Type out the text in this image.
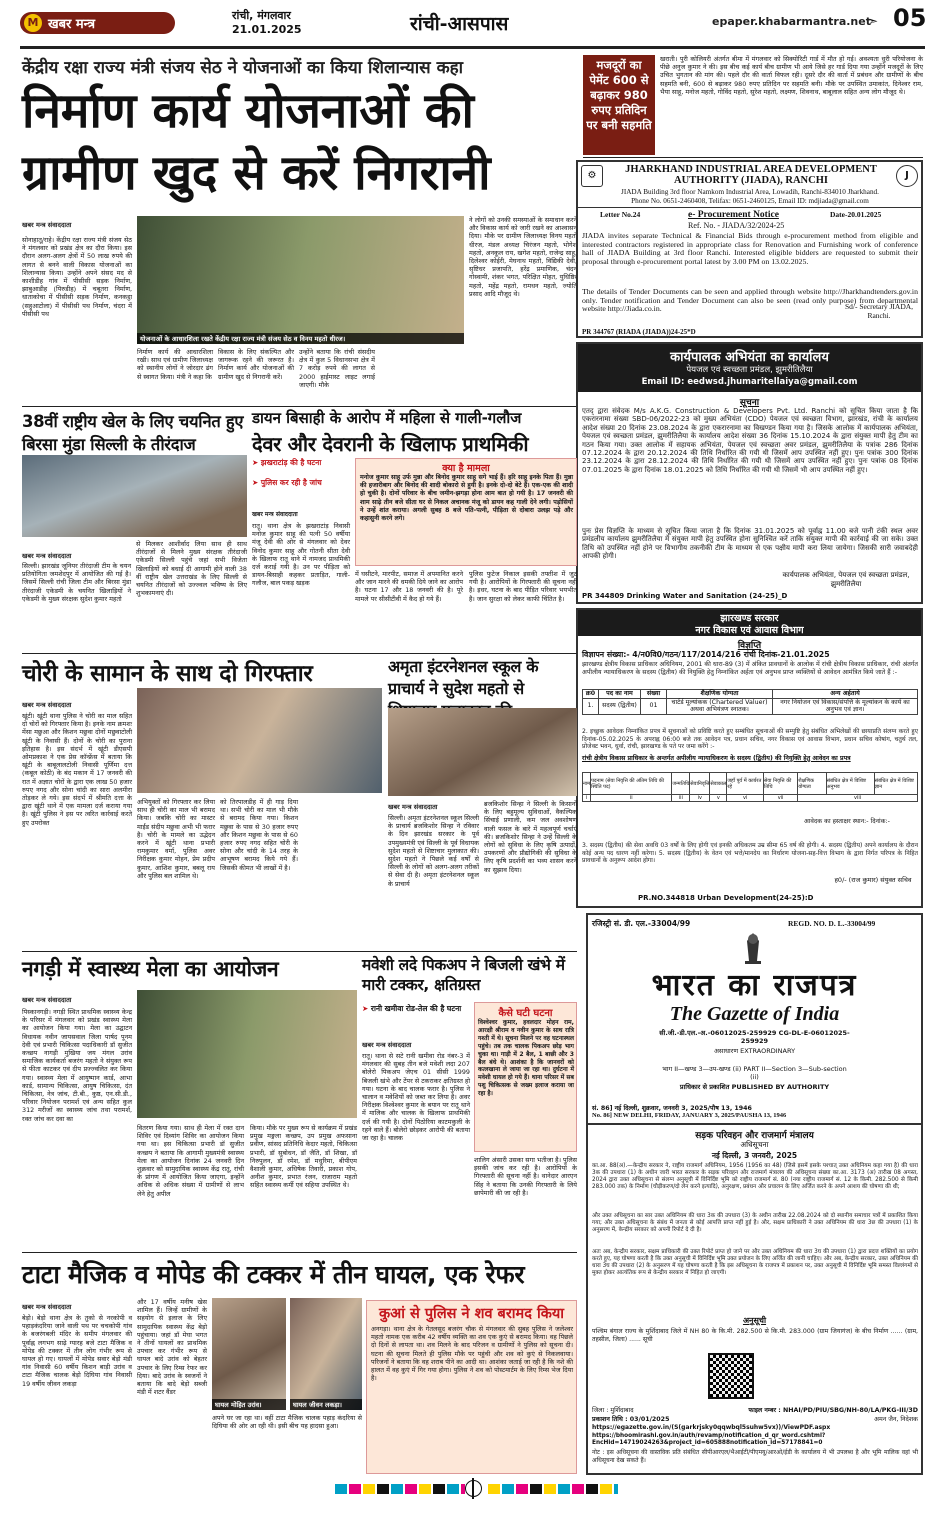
M खबर मन्त्र
रांची, मंगलवार
21.01.2025	रांची-आसपास	epaper.khabarmantra.net
➣ 05
केंद्रीय रक्षा राज्य मंत्री संजय सेठ ने योजनाओं का किया शिलान्यास कहा
निर्माण कार्य योजनाओं की ग्रामीण खुद से करें निगरानी
खबर मन्त्र संवाददाता
सोनाहातू/राहे। केंद्रीय रक्षा राज्य मंत्री संजय सेठ ने मंगलवार को प्रखंड क्षेत्र का दौरा किया। इस दौरान अलग-अलग क्षेत्रों में 50 लाख रुपये की लागत से बनने वाली विकास योजनाओं का शिलान्यास किया। उन्होंने अपने संसद मद से काशीडीह गांव में पीसीसी सड़क निर्माण, झाबुआडीह (पिरुडीह) में चबूतरा निर्माण, धाताकोचा में पीसीसी सड़क निर्माण, कनकट्ठा (सहुआटोला) में पीसीसी पथ निर्माण, चंदरा में पीसीसी पथ
योजनाओं के आधारशिला रखते केंद्रीय रक्षा राज्य मंत्री संजय सेठ व विनय महतो धीरज।
निर्माण कार्य की आधारशिला रखी। साथ एवं ग्रामीण जिलाध्यक्ष को स्थानीय लोगों ने जोरदार ढंग से स्वागत किया। मंत्री ने कहा कि
विकास के लिए संकल्पित और जागरूक रहने की जरूरत है। निर्माण कार्य और योजनाओं की ग्रामीण खुद से निगरानी करें।
उन्होंने बताया कि रांची संसदीय क्षेत्र में कुल 5 विधानसभा क्षेत्र में 7 करोड़ रुपये की लागत से 2000 हाईमास्ट लाइट लगाई जाएगी। मौके
ने लोगों को उनकी समस्याओं के समाधान करने और विकास कार्य को जारी रखने का आश्वासन दिया। मौके पर ग्रामीण जिलाध्यक्ष विनय महतो धीरज, मंडल अध्यक्ष चिरंजन महतो, भोगेश महतो, अनकूल राय, खगेश महतो, राजेन्द्र साहू, दिलेश्वर कोईरी, मेघनाथ महतो, विद्यिकी देवी, सृष्टिधर प्रजापति, हरेंद्र प्रमाणिक, चंदन गोस्वामी, शंकर भगत, परिक्षित मोहत, युधिष्ठिर महतो, महेंद्र महतो, रामधन महतो, ज्योति प्रसाद आदि मौजूद थे।
मजदूरों का पेमेंट 600 से बढ़ाकर 980 रुपए प्रतिदिन पर बनी सहमति
खराती। पुरी कोलियरी अंतर्गत बीमा में मंगलवार को सिक्योरिटी गार्ड में मौत हो गई। अवश्यता धुरी परियोजना के पीछे अनुज कुमार ने की। इस बीच कई कार्य बीच ग्रामीण भी आये जिसे हर गार्ड दिया गया उन्होंने मजदूरों के लिए उचित भुगतान की मांग की। पहले दौर की वार्ता विफल रही। दूसरे दौर की वार्ता में प्रबंधन और ग्रामीणों के बीच सहमति बनी, 600 से बढ़ाकर 980 रुपए प्रतिदिन पर सहमति बनी। मौके पर उपस्थित उमाकांत, दिनेश्वर राम, भैया साहू, मनोज महतो, गोविंद महतो, सुरेश महतो, लक्ष्मण, शिवनाथ, बाबूलाल सहित अन्य लोग मौजूद थे।
⚙	J
JHARKHAND INDUSTRIAL AREA DEVELOPMENT AUTHORITY (JIADA), RANCHI
JIADA Building 3rd floor Namkom Industrial Area, Lowadih, Ranchi-834010 Jharkhand.
Phone No. 0651-2460408, Telifax: 0651-2460125, Email ID: mdjiada@gmail.com
Letter No.24	e- Procurement Notice	Date-20.01.2025
Ref. No. - JIADA/32/2024-25
JIADA invites separate Technical & Financial Bids through e-procurement method from eligible and interested contractors registered in appropriate class for Renovation and Furnishing work of conference hall of JIADA Building at 3rd floor Ranchi. Interested eligible bidders are requested to submit their proposal through e-procurement portal latest by 3.00 PM on 13.02.2025.
The details of Tender Documents can be seen and applied through website http://Jharkhandtenders.gov.in only. Tender notification and Tender Document can also be seen (read only purpose) from departmental website http://Jiada.co.in.	Sd/- Secretary JIADA, Ranchi.
PR 344767 (RIADA (JIADA))24-25*D
कार्यपालक अभियंता का कार्यालय
पेयजल एवं स्वच्छता प्रमंडल, झुमरीतिलैया
Email ID: eedwsd.jhumaritellaiya@gmail.com
सूचना
एतद् द्वारा संवेदक M/s A.K.G. Construction & Developers Pvt. Ltd. Ranchi को सूचित किया जाता है कि एकरारनामा संख्या SBD-06/2022-23 को मुख्य अभियंता (CDO) पेयजल एवं स्वच्छता विभाग, झारखंड, रांची के कार्यालय आदेश संख्या 20 दिनांक 23.08.2024 के द्वारा एकरारनामा का विखण्डन किया गया है। जिसके आलोक में कार्यपालक अभियंता, पेयजल एवं स्वच्छता प्रमंडल, झुमरीतिलैया के कार्यालय आदेश संख्या 36 दिनांक 15.10.2024 के द्वारा संयुक्त मापी हेतु टीम का गठन किया गया। उक्त आलोक में सहायक अभियंता, पेयजल एवं स्वच्छता अवर प्रमंडल, झुमरीतिलैया के पत्रांक 286 दिनांक 07.12.2024 के द्वारा 20.12.2024 की तिथि निर्धारित की गयी थी जिसमें आप उपस्थित नहीं हुए। पुनः पत्रांक 300 दिनांक 23.12.2024 के द्वारा 28.12.2024 की तिथि निर्धारित की गयी थी जिसमें आप उपस्थित नहीं हुए। पुनः पत्रांक 08 दिनांक 07.01.2025 के द्वारा दिनांक 18.01.2025 को तिथि निर्धारित की गयी थी जिसमें भी आप उपस्थित नहीं हुए।
पुनः प्रेस विज्ञप्ति के माध्यम से सूचित किया जाता है कि दिनांक 31.01.2025 को पूर्वाह्न 11.00 बजे पानी टंकी स्थल अवर प्रमंडलीय कार्यालय झुमरीतिलैया में संयुक्त मापी हेतु उपस्थित होना सुनिश्चित करें ताकि संयुक्त मापी की कार्रवाई की जा सके। उक्त तिथि को उपस्थित नहीं होने पर विभागीय तकनीकी टीम के माध्यम से एक पक्षीय मापी करा लिया जायेगा। जिसकी सारी जवाबदेही आपकी होगी।
कार्यपालक अभियंता, पेयजल एवं स्वच्छता प्रमंडल, झुमरीतिलैया
PR 344809 Drinking Water and Sanitation (24-25)_D
झारखण्ड सरकार
नगर विकास एवं आवास विभाग
विज्ञप्ति
विज्ञापन संख्या:- 4/न0वि0/गठन/117/2014/216 रांची दिनांक-21.01.2025
झारखण्ड क्षेत्रीय विकास प्राधिकार अधिनियम, 2001 की धारा-89 (3) में अंकित प्रावधानों के आलोक में रांची क्षेत्रीय विकास प्राधिकार, रांची अंतर्गत अपीलीय न्यायाधिकरण के सदस्य (द्वितीय) की नियुक्ति हेतु निम्नांकित अर्हता एवं अनुभव प्राप्त व्यक्तियों से आवेदन आमंत्रित किये जाते हैं :-
क्र0	पद का नाम	संख्या	शैक्षणिक योग्यता	अन्य अर्हताये
1.	सदस्य (द्वितीय)	01	चार्टर्ड मूल्यांकक (Chartered Valuer) अथवा अभियंत्रण स्नातक।	नगर नियोजन एवं विकास/संपत्ति के मूल्यांकन के कार्य का अनुभव एवं ज्ञान।
2. इच्छुक आवेदक निम्नांकित प्रपत्र में सूचनाओं को प्रविष्टि करते हुए सम्बंधित सूचनाओं की सम्पुष्टि हेतु संबंधित अभिलेखों की छायाप्रति संलग्न करते हुए दिनांक-05.02.2025 के अपराह्न 06:00 बजे तक आवेदन पत्र, प्रधान सचिव, नगर विकास एवं आवास विभाग, प्रधान सचिव कोषांग, चतुर्थ तल, प्रोजेक्ट भवन, धुर्वा, रांची, झारखण्ड के पते पर जमा करेंगे :-
रांची क्षेत्रीय विकास प्राधिकार के अन्तर्गत अपीलीय न्यायाधिकरण के सदस्य (द्वितीय) की नियुक्ति हेतु आवेदन का प्रपत्र
नाम	पदनाम (सेवा निवृत्ति की अंतिम तिथि की स्थिति पद)	जन्मतिथि	सेवानिवृत्ति	सेवाकाल	जहाँ पूर्व में कार्यरत रहे	सेवा निवृत्ति की तिथि	शैक्षणिक योग्यता	संबंधित क्षेत्र में विशिष्ट अनुभव	संबंधित क्षेत्र में विशिष्ट ज्ञान
i	ii	iii	iv	v	vi	vii	viii		
आवेदक का हस्ताक्षर स्थान:- दिनांक:-
3. सदस्य (द्वितीय) की सेवा अवधि 03 वर्षों के लिए होगी एवं इनकी अधिकतम उम्र सीमा 65 वर्ष की होगी। 4. सदस्य (द्वितीय) अपने कार्यालय के दौरान कोई अन्य पद धारण नहीं करेगा। 5. सदस्य (द्वितीय) के वेतन एवं भत्ते/मानदेय का निर्धारण योजना-सह-वित्त विभाग के द्वारा निर्गत परिपत्र के निहित प्रावधानों के अनुरूप आदेश होगा।
ह0/- (राज कुमार) संयुक्त सचिव
PR.NO.344818 Urban Development(24-25):D
38वीं राष्ट्रीय खेल के लिए चयनित हुए बिरसा मुंडा सिल्ली के तीरंदाज
खबर मन्त्र संवाददाता
सिल्ली। झारखंड जूनियर तीरंदाजी टीम के चयन प्रतियोगिता जमशेदपुर में आयोजित की गई है। जिसमें सिल्ली रांची जिला टीम और बिरसा मुंडा तीरंदाजी एकेडमी के चयनित खिलाड़ियों ने एकेडमी के मुख्य संरक्षक सुदेश कुमार महतो
से मिलकर आशीर्वाद लिया साथ ही साथ तीरंदाजों से मिलने मुख्य संरक्षक तीरंदाजी एकेडमी सिल्ली पहुंचे जहां सभी विजेता खिलाड़ियों को बधाई दी आगामी होने वाली 38 वीं राष्ट्रीय खेल उत्तराखंड के लिए सिल्ली से चयनित तीरंदाजों को उज्ज्वल भविष्य के लिए शुभकामनाएं दी।
डायन बिसाही के आरोप में महिला से गाली-गलौज
देवर और देवरानी के खिलाफ प्राथमिकी
➤ झखराटांड़ की है घटना
➤ पुलिस कर रही है जांच
क्या है मामला
मनोज कुमार साहू उर्फ मुन्ना और बिनोद कुमार साहू सगे भाई हैं। हरि साहू इनके पिता हैं। मुन्ना की हजारीबाग और बिनोद की शादी बोकारो से हुयी है। इनके दो-दो बेटे हैं। एक-एक की शादी हो चुकी है। दोनों परिवार के बीच जमीन-झगड़ा होना आम बात हो गयी है। 17 जनवरी की शाम साढ़े तीन बजे सीता घर से निकल अचानक मंजू को डायन कह गाली देने लगी। पड़ोसियों ने उन्हें शांत कराया। अगली सुबह 8 बजे पति-पत्नी, पीड़िता से दोबारा उलझ पड़े और कहासुनी करने लगे।
खबर मन्त्र संवाददाता
रातू। थाना क्षेत्र के झखराटांड़ निवासी मनोज कुमार साहू की पत्नी 50 वर्षीया मंजू देवी की ओर से मंगलवार को देवर विनोद कुमार साहू और गोतनी सीता देवी के खिलाफ रातू थाने में नामजद प्राथमिकी दर्ज कराई गयी है। उन पर पीड़िता को डायन-बिसाही कहकर प्रताड़ित, गाली-गलौज, बाल पकड़ खड़क
में घसीटने, मारपीट, समाज में अपमानित करने और जान मारने की धमकी दिये जाने का आरोप है। घटना 17 और 18 जनवरी की है। पूरे मामले पर सीसीटीवी में कैद हो गये हैं।
पुलिस फुटेज निकाल इसकी तफ्तीश में जुट गयी है। आरोपियों के गिरफ्तारी की सूचना नहीं है। इधर, घटना के बाद पीड़ित परिवार भयभीत है। जान सुरक्षा को लेकर काफी चिंतित है।
चोरी के सामान के साथ दो गिरफ्तार
खबर मन्त्र संवाददाता
खूंटी। खूंटी थाना पुलिस ने चोरी का माल सहित दो चोरों को गिरफ्तार किया है। इनके नाम क्रमशः मेंसा मछुआ और किशन मछुवा दोनों मछुवाटोली खूंटी के निवासी हैं। दोनों के चोरी का पुराना इतिहास है। इस संदर्भ में खूंटी डीएसपी ओमप्रकाश ने एक प्रेस कॉन्फ्रेंस में बताया कि खूंटी के बाबूलालटोली निवासी पूर्णिमा दत्त (कबूल कोठी) के बंद मकान में 17 जनवरी की रात में अज्ञात चोरों के द्वारा एक लाख 50 हजार रुपए नगद और सोना चांदी का सारा अलमीरा तोड़कर ले गये। इस संदर्भ में श्रीमति दत्ता के द्वारा खूंटी थाने में एक मामला दर्ज कराया गया है। खूंटी पुलिस ने इस पर त्वरित कार्रवाई करते हुए उपरोक्त
अभियुक्तों को गिरफ्तार कर लिया साथ ही चोरी का माल भी बरामद किया। जबकि चोरी का मास्टर माईंड संदीप मछुवा अभी भी फरार है। चोरी के मामले का उद्भेदन करने में खूंटी थाना प्रभारी रामकुमार वर्मा, पुलिस अवर निरीक्षक कुमार मोहन, प्रेम प्रदीप कुमार, आशिश कुमार, बबलू राय और पुलिस बल शामिल थे।
को तिरपालडीह में ही गाड़ दिया था। सभी चोरी का माल भी मौके से बरामद किया गया। किशन मछुवा के पास से 30 हजार रुपए और किशन मछुवा के पास से 60 हजार रुपए नगद सहित चोरी के सोना और चांदी के 14 तरह के आभूषण बरामद किये गये हैं। जिसकी कीमत भी लाखों में है।
अमृता इंटरनेशनल स्कूल के प्राचार्य ने सुदेश महतो से
खबर मन्त्र संवाददाता
सिल्ली। अमृता इंटरनेशनल स्कूल सिल्ली के प्राचार्य ब्रजकिशोर सिन्हा ने रविवार के दिन झारखंड सरकार के पूर्व उपमुख्यमंत्री एवं सिल्ली के पूर्व विधायक सुदेश महतो से शिष्टाचार मुलाकात की। सुदेश महतो ने पिछले कई वर्षों से सिल्ली के लोगों को अलग-अलग तरीकों से सेवा दी है। अमृता इंटरनेशनल स्कूल के प्राचार्य
ब्रजकिशोर सिन्हा ने सिल्ली के किसानों के लिए बहुमूल्य सुविधाओं, वैकल्पिक सिंचाई प्रणाली, कम जल अवशोषण वाली फसल के बारे में महत्वपूर्ण चर्चाएं की। ब्रजकिशोर सिन्हा ने उन्हें सिल्ली के लोगों को सुविधा के लिए कृषि उत्पादों, उपकरणों और प्रौद्योगिकी की सुविधा के लिए कृषि प्रदर्शनी का भव्य शासन करने का सुझाव दिया।
नगड़ी में स्वास्थ्य मेला का आयोजन
खबर मन्त्र संवाददाता
पिस्कानगड़ी। नगड़ी स्थित प्राथमिक स्वास्थ्य केन्द्र के परिसर में मंगलवार को प्रखंड स्वास्थ्य मेला का आयोजन किया गया। मेला का उद्घाटन विधायक नवीन जायसवाल जिला पार्षद पूनम देवी एवं प्रभारी चिकित्सा पदाधिकारी डॉ सुजीत कच्छप नागड़ी मुखिया जय मंगल उरांव समाजिक कार्यकर्ता बजरंग महतो ने संयुक्त रूप से फीता काटकर एवं दीप प्रज्ज्वलित कर किया गया। स्वास्थ्य मेला में आयुष्मान कार्ड, आभा कार्ड, सामान्य चिकित्सा, आयुष चिकित्सा, दंत चिकित्सा, नेत्र जांच, टी.बी., कुष्ठ, एन.सी.डी., परिवार नियोजन परामर्श एवं अन्य सहित कुल 312 मरीजों का स्वास्थ्य जांच तथा परामर्श, रक्त जांच कर दवा का
वितरण किया गया। साथ ही मेला में रक्त दान शिविर एवं दिव्यांग शिविर का आयोजन किया गया था। इस चिकित्सा प्रभारी डॉ सुजीत कच्छप ने बताया कि आगामी मुख्यमंत्री स्वास्थ्य मेला का आयोजन दिनांक 24 जनवरी दिन शुक्रवार को सामुदायिक स्वास्थ्य केंद्र रातू, रांची के प्रांगण में आयोजित किया जाएगा, इन्होंने अधिक से अधिक संख्या में ग्रामीणों से लाभ लेने हेतु अपील
किया। मौके पर मुख्य रूप से कार्यक्रम में प्रखंड प्रमुख मङ्गला कच्छप, उप प्रमुख अफसाना प्रवीण, सांसद प्रतिनिधि केदार महतो, चिकित्सा प्रभारी, डॉ सुबोधन, डॉ जैति, डॉ शिखा, डॉ निरुपुलन, डॉ रमेश, डॉ मधुरिमा, बीपीएम वैशाली कुमार, अधिषेक तिवारी, प्रकाश गोप, अनीश कुमार, प्रभात रंजन, राजाराम महतो सहित स्वास्थ्य कर्मी एवं सहिया उपस्थित थे।
मवेशी लदे पिकअप ने बिजली खंभे में मारी टक्कर, क्षतिग्रस्त
➤ रानी खमीवा रोड-तेल की है घटना
खबर मन्त्र संवाददाता
कैसे घटी घटना
विश्वेश्वर कुमार, हवलदार मोहन राम, आरक्षी श्रीराम व नवीन कुमार के साथ रात्रि गश्ती में थे। सूचना मिलने पर वह घटनास्थल पहुंचे। तब तक चालक पिकअप छोड़ भाग चुका था। गाड़ी में 2 बैल, 1 बाछी और 3 बैल बंधे थे। आशंका है कि जानवरों को कत्लखाना ले जाया जा रहा था। दुर्घटना में मवेशी घायल हो गये हैं। थाना परिसर में सब पशु चिकित्सक से जख्म इलाज कराया जा रहा है।
रातू। थाना से सटे रानी खमीवा रोड नंबर-3 में मंगलवार की सुबह तीन बजे मवेशी लदा 207 बोलेरो पिकअप जेएच 01 सीसी 1999 बिजली खंभे और टेंपर से टकराकर क्षतिग्रस्त हो गया। घटना के बाद चालक फरार है। पुलिस ने चालान व मवेशियों को जब्त कर लिया है। अवर निरीक्षक विश्वेश्वर कुमार के बयान पर रातू थाने में मालिक और चालक के खिलाफ प्राथमिकी दर्ज की गयी है। दोनों पिठोरिया काटमकुली के रहने वाले हैं। बोलेरो छोड़कर आरोपी की बताया जा रहा है। चालक
शालिग अंसारी उसका सगा भतीजा है। पुलिस इसकी जांच कर रही है। आरोपियों के गिरफ्तारी की सूचना नहीं है। थानेदार आरएन सिंह ने बताया कि उनकी गिरफ्तारी के लिये छापेमारी की जा रही है।
टाटा मैजिक व मोपेड की टक्कर में तीन घायल, एक रेफर
खबर मन्त्र संवाददाता
बेड़ो। बेड़ो थाना क्षेत्र के तुको से नरकोपी व पहाड़कंदरिया जाने वाली पथ पर चचकोपी गांव के बजरंगबली मंदिर के समीप मंगलवार की पूर्वाह्न लगभग साढ़े ग्यारह बजे टाटा मैजिक व मोपेड की टक्कर में तीन लोग गंभीर रूप से घायल हो गए। घायलों में मोपेड सवार बेड़ो मंडी गांव निवासी 60 वर्षीय किशन बाड़ी उरांव व टाटा मैजिक चालक बेड़ो दिघिया गांव निवासी 19 वर्षीय जीवन लकड़ा
और 17 वर्षीय मनीष खेस शामिल हैं। जिन्हें ग्रामीणों के सहयोग से इलाज के लिए सामुदायिक स्वास्थ्य केंद्र बेड़ो पहुंचाया। जहां डॉ मेघा भगत ने तीनों घायलों का प्राथमिक उपचार कर गंभीर रूप से घायल बादे उरांव को बेहतर उपचार के लिए रिम्स रेफर कर दिया। बादे उरांव के स्वजनों ने बताया कि बादे बेड़ो सब्जी मंडी में शटर वैंडर
घायल मोहित उरांव।	घायल जीवन लकड़ा।
अपने घर जा रहा था। वहीं टाटा मैजिक चालक पहाड़ कंदरिया से दिघिया की ओर आ रही थी। इसी बीच यह हादसा हुआ।
कुआं से पुलिस ने शव बरामद किया
अनगड़ा। थाना क्षेत्र के गेतलसूद बजरंग चौक से मंगलवार की सुबह पुलिस ने जलेश्वर महतो नामक एक करीब 42 वर्षीय व्यक्ति का शव एक कुएं से बरामद किया। वह पिछले दो दिनों से लापता था। शव मिलने के बाद परिजन व ग्रामीणों ने पुलिस को सूचना दी। घटना की सूचना मिलते ही पुलिस मौके पर पहुंची और शव को कुएं से निकलवाया। परिजनों ने बताया कि वह शराब पीने का आदी था। आशंका जताई जा रही है कि नशे की हालत में वह कुएं में गिर गया होगा। पुलिस ने शव को पोस्टमार्टम के लिए रिम्स भेज दिया है।
रजिस्ट्री सं. डी. एल.-33004/99	REGD. NO. D. L.-33004/99
भारत का राजपत्र
The Gazette of India
सी.जी.-डी.एल.-अ.-06012025-259929 CG-DL-E-06012025-259929
असाधारण EXTRAORDINARY
भाग II—खण्ड 3—उप-खण्ड (ii) PART II—Section 3—Sub-section (ii)
प्राधिकार से प्रकाशित PUBLISHED BY AUTHORITY
सं. 86] नई दिल्ली, शुक्रवार, जनवरी 3, 2025/पौष 13, 1946
No. 86] NEW DELHI, FRIDAY, JANUARY 3, 2025/PAUSHA 13, 1946
सड़क परिवहन और राजमार्ग मंत्रालय
अधिसूचना
नई दिल्ली, 3 जनवरी, 2025
का.आ. 88(अ).—केन्द्रीय सरकार ने, राष्ट्रीय राजमार्ग अधिनियम, 1956 (1956 का 48) (जिसे इसमें इसके पश्चात् उक्त अधिनियम कहा गया है) की धारा 3क की उपधारा (1) के अधीन जारी भारत सरकार के सड़क परिवहन और राजमार्ग मंत्रालय की अधिसूचना संख्या का.आ. 3173 (अ) तारीख 08 अगस्त, 2024 द्वारा उक्त अधिसूचना से संलग्न अनुसूची में विनिर्दिष्ट भूमि को राष्ट्रीय राजमार्ग सं. 80 (नया राष्ट्रीय राजमार्ग सं. 12 के किमी. 282.500 से किमी 283.000 तक) के निर्माण (चौड़ीकरण/दो लेन करने इत्यादि), अनुरक्षण, प्रबंधन और प्रचालन के लिए अर्जित करने के अपने आशय की घोषणा की थी;
और उक्त अधिसूचना का सार उक्त अधिनियम की धारा 3क की उपधारा (3) के अधीन तारीख 22.08.2024 को दो स्थानीय समाचार पत्रों में प्रकाशित किया गया; और उक्त अधिसूचना के संबंध में जनता से कोई आपत्ति प्राप्त नहीं हुई है। और, सक्षम प्राधिकारी ने उक्त अधिनियम की धारा 3छ की उपधारा (1) के अनुसरण में, केन्द्रीय सरकार को अपनी रिपोर्ट दे दी है।
अतः अब, केन्द्रीय सरकार, सक्षम प्राधिकारी की उक्त रिपोर्ट प्राप्त हो जाने पर और उक्त अधिनियम की धारा 3घ की उपधारा (1) द्वारा प्रदत्त शक्तियों का प्रयोग करते हुए, यह घोषणा करती है कि उक्त अनुसूची में विनिर्दिष्ट भूमि उक्त प्रयोजन के लिए अर्जित की जानी चाहिए। और अब, केन्द्रीय सरकार, उक्त अधिनियम की धारा 3घ की उपधारा (2) के अनुसरण में यह घोषणा करती है कि इस अधिसूचना के राजपत्र में प्रकाशन पर, उक्त अनुसूची में विनिर्दिष्ट भूमि समस्त विल्लंगमों से मुक्त होकर आत्यंतिक रूप से केन्द्रीय सरकार में निहित हो जाएगी।
अनुसूची
पश्चिम बंगाल राज्य के मुर्शिदाबाद जिले में NH 80 के कि.मी. 282.500 से कि.मी. 283.000 (ग्राम जियागंज) के बीच निर्माण ...... (ग्राम, तहसील, जिला) ...... सूची
फाइल नम्बर : NHAI/PD/PIU/SBG/NH-80/LA/PKG-III/3D
अमन जैन, निदेशक
जिला : मुर्शिदाबाद
प्रकाशन तिथि : 03/01/2025
https://egazette.gov.in/(S(garkrjsky0qqwbql5suhw5vx))/ViewPDF.aspx
https://bhoomirashi.gov.in/auth/revamp/notification_d_qr_word.cshtml?EncHid=14719024263&project_id=605888notification_id=57178841=0
नोट : इस अधिसूचना की वास्तविक प्रति संबंधित सीपीआरएल/भैआईटी/पीएमयू/आरओ/ईडी के कार्यालय में भी उपलब्ध है और भूमि मालिक वहां भी अधिसूचना देख सकते हैं।
